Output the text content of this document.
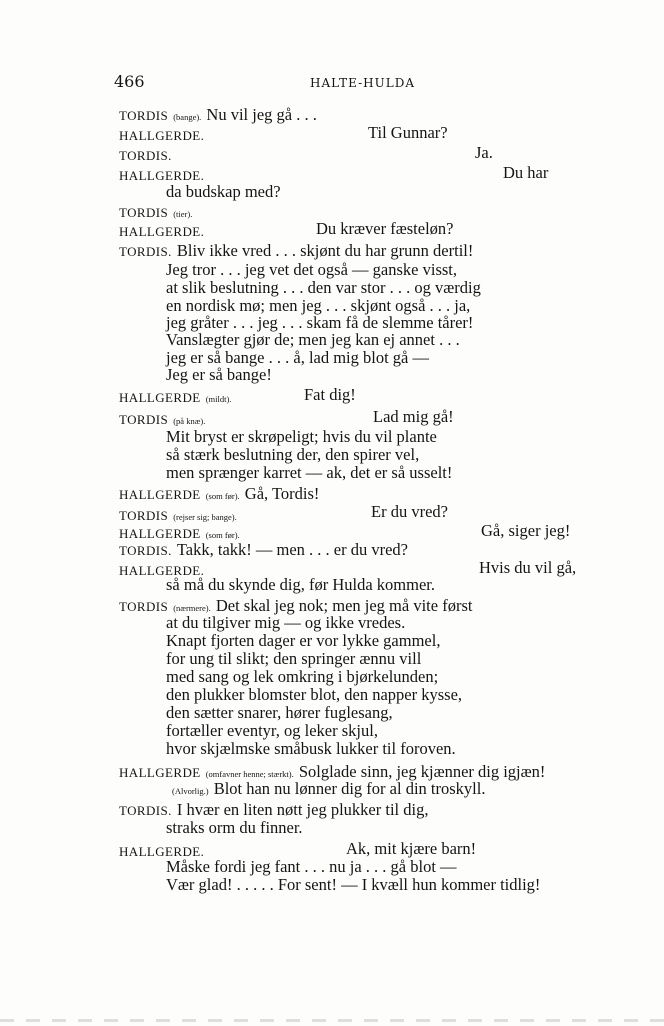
466	HALTE-HULDA
TORDIS (bange). Nu vil jeg gå . . .
HALLGERDE.	Til Gunnar?
TORDIS.	Ja.
HALLGERDE.	Du har
da budskap med?
TORDIS (tier).
HALLGERDE.	Du kræver fæsteløn?
TORDIS. Bliv ikke vred . . . skjønt du har grunn dertil!
Jeg tror . . . jeg vet det også — ganske visst,
at slik beslutning . . . den var stor . . . og værdig
en nordisk mø; men jeg . . . skjønt også . . . ja,
jeg gråter . . . jeg . . . skam få de slemme tårer!
Vanslægter gjør de; men jeg kan ej annet . . .
jeg er så bange . . . å, lad mig blot gå —
Jeg er så bange!
HALLGERDE (mildt).	Fat dig!
TORDIS (på knæ).	Lad mig gå!
Mit bryst er skrøpeligt; hvis du vil plante
så stærk beslutning der, den spirer vel,
men sprænger karret — ak, det er så usselt!
HALLGERDE (som før). Gå, Tordis!
TORDIS (rejser sig; bange).	Er du vred?
HALLGERDE (som før).	Gå, siger jeg!
TORDIS. Takk, takk! — men . . . er du vred?
HALLGERDE.	Hvis du vil gå,
så må du skynde dig, før Hulda kommer.
TORDIS (nærmere). Det skal jeg nok; men jeg må vite først
at du tilgiver mig — og ikke vredes.
Knapt fjorten dager er vor lykke gammel,
for ung til slikt; den springer ænnu vill
med sang og lek omkring i bjørkelunden;
den plukker blomster blot, den napper kysse,
den sætter snarer, hører fuglesang,
fortæller eventyr, og leker skjul,
hvor skjælmske småbusk lukker til foroven.
HALLGERDE (omfavner henne; stærkt). Solglade sinn, jeg kjænner dig igjæn!
(Alvorlig.) Blot han nu lønner dig for al din troskyll.
TORDIS. I hvær en liten nøtt jeg plukker til dig,
straks orm du finner.
HALLGERDE.	Ak, mit kjære barn!
Måske fordi jeg fant . . . nu ja . . . gå blot —
Vær glad! . . . . . For sent! — I kvæll hun kommer tidlig!
